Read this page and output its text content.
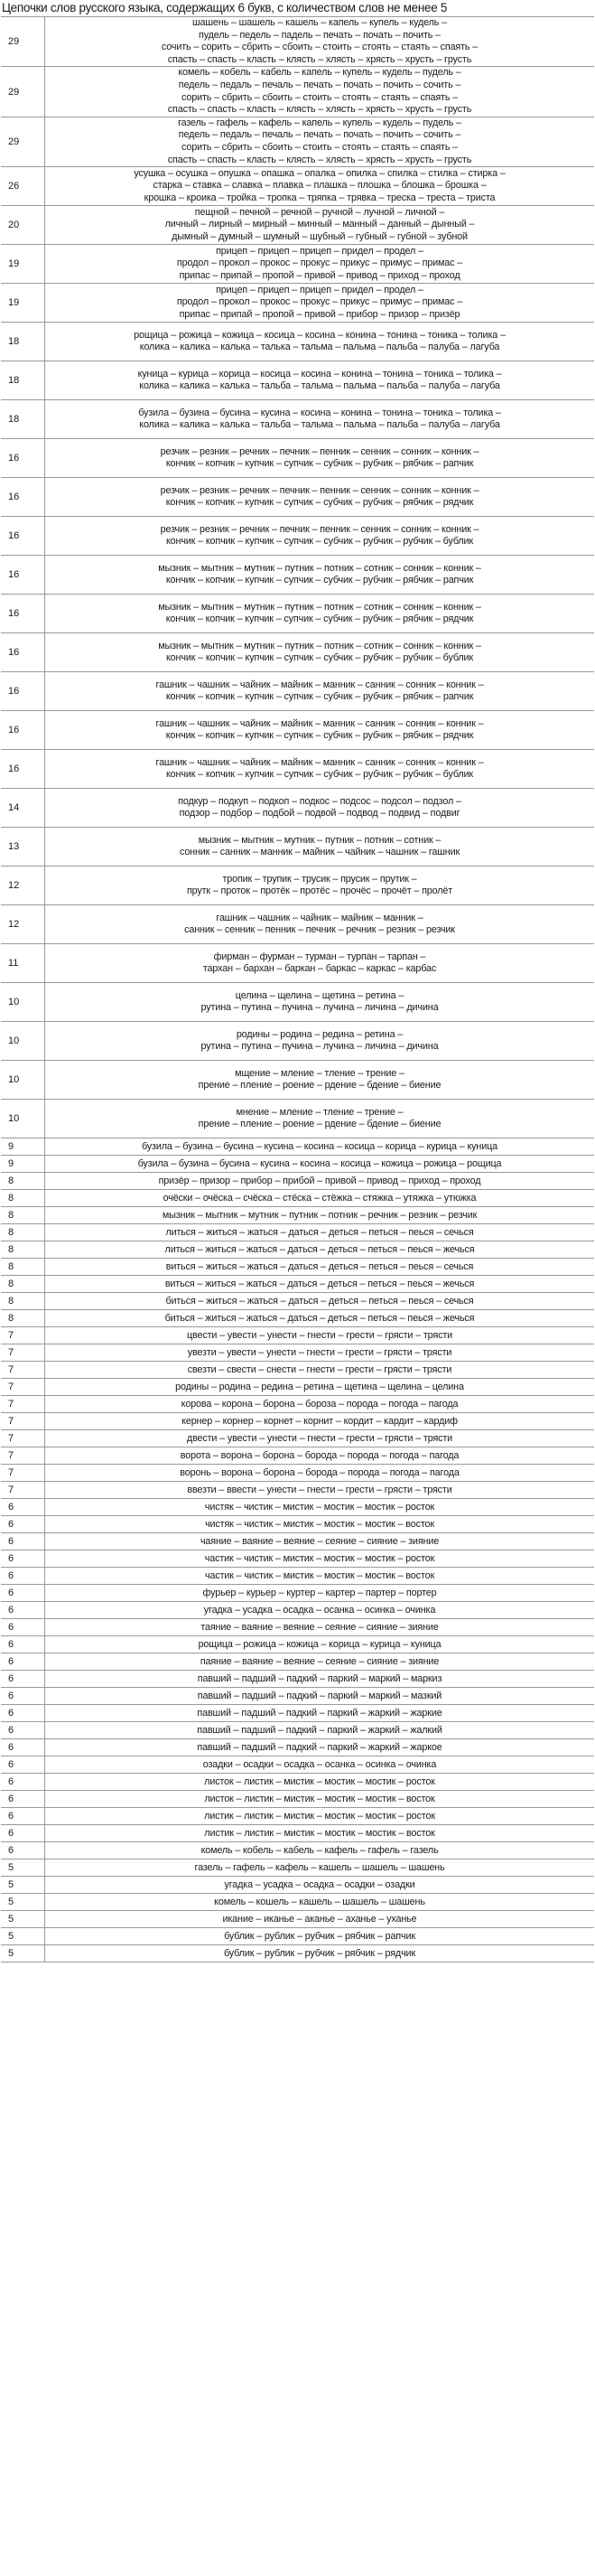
Цепочки слов русского языка, содержащих 6 букв, с количеством слов не менее 5
29	шашень – шашель – кашель – капель – купель – кудель –
пудель – педель – падель – печать – почать – почить –
сочить – сорить – сбрить – сбоить – стоить – стоять – стаять – спаять –
спасть – спасть – класть – клясть – хлясть – хрясть – хрусть – грусть

29	комель – кобель – кабель – капель – купель – кудель – пудель –
педель – педаль – печаль – печать – почать – почить – сочить –
сорить – сбрить – сбоить – стоить – стоять – стаять – спаять –
спасть – спасть – класть – клясть – хлясть – хрясть – хрусть – грусть

29	газель – гафель – кафель – капель – купель – кудель – пудель –
педель – педаль – печаль – печать – почать – почить – сочить –
сорить – сбрить – сбоить – стоить – стоять – стаять – спаять –
спасть – спасть – класть – клясть – хлясть – хрясть – хрусть – грусть

26	усушка – осушка – опушка – опашка – опалка – опилка – спилка – стилка – стирка –
старка – ставка – славка – плавка – плашка – плошка – блошка – брошка –
крошка – кроика – тройка – тропка – тряпка – трявка – треска – треста – триста

20	пещной – печной – речной – ручной – лучной – личной –
личный – лирный – мирный – минный – манный – данный – дынный –
дымный – думный – шумный – шубный – губный – губной – зубной

19	прицеп – прицеп – прицеп – придел – продел –
продол – прокол – прокос – прокус – прикус – примус – примас –
припас – припай – пропой – привой – привод – приход – проход

19	прицеп – прицеп – прицеп – придел – продел –
продол – прокол – прокос – прокус – прикус – примус – примас –
припас – припай – пропой – привой – прибор – призор – призёр

18	рощица – рожица – кожица – косица – косина – конина – тонина – тоника – толика –
колика – калика – калька – талька – тальма – пальма – пальба – палуба – лагуба

18	куница – курица – корица – косица – косина – конина – тонина – тоника – толика –
колика – калика – калька – тальба – тальма – пальма – пальба – палуба – лагуба

18	бузила – бузина – бусина – кусина – косина – конина – тонина – тоника – толика –
колика – калика – калька – тальба – тальма – пальма – пальба – палуба – лагуба

16	резчик – резник – речник – печник – пенник – сенник – сонник – конник –
кончик – копчик – купчик – супчик – субчик – рубчик – рябчик – рапчик

16	резчик – резник – речник – печник – пенник – сенник – сонник – конник –
кончик – копчик – купчик – супчик – субчик – рубчик – рябчик – рядчик

16	резчик – резник – речник – печник – пенник – сенник – сонник – конник –
кончик – копчик – купчик – супчик – субчик – рубчик – рубчик – бублик

16	мызник – мытник – мутник – путник – потник – сотник – сонник – конник –
кончик – копчик – купчик – супчик – субчик – рубчик – рябчик – рапчик

16	мызник – мытник – мутник – путник – потник – сотник – сонник – конник –
кончик – копчик – купчик – супчик – субчик – рубчик – рябчик – рядчик

16	мызник – мытник – мутник – путник – потник – сотник – сонник – конник –
кончик – копчик – купчик – супчик – субчик – рубчик – рубчик – бублик

16	гашник – чашник – чайник – майник – манник – санник – сонник – конник –
кончик – копчик – купчик – супчик – субчик – рубчик – рябчик – рапчик

16	гашник – чашник – чайник – майник – манник – санник – сонник – конник –
кончик – копчик – купчик – супчик – субчик – рубчик – рябчик – рядчик

16	гашник – чашник – чайник – майник – манник – санник – сонник – конник –
кончик – копчик – купчик – супчик – субчик – рубчик – рубчик – бублик

14	подкур – подкуп – подкоп – подкос – подсос – подсол – подзол –
подзор – подбор – подбой – подвой – подвод – подвид – подвиг

13	мызник – мытник – мутник – путник – потник – сотник –
сонник – санник – манник – майник – чайник – чашник – гашник

12	тропик – трупик – трусик – прусик – прутик –
прутк – проток – протёк – протёс – прочёс – прочёт – пролёт

12	гашник – чашник – чайник – майник – манник –
санник – сенник – пенник – печник – речник – резник – резчик

11	фирман – фурман – турман – турпан – тарпан –
тархан – бархан – баркан – баркас – каркас – карбас

10	целина – щелина – щетина – ретина –
рутина – путина – пучина – лучина – личина – дичина

10	родины – родина – редина – ретина –
рутина – путина – пучина – лучина – личина – дичина

10	мщение – мление – тление – трение –
прение – пление – роение – рдение – бдение – биение

10	мнение – мление – тление – трение –
прение – пление – роение – рдение – бдение – биение

9	бузила – бузина – бусина – кусина – косина – косица – корица – курица – куница
9	бузила – бузина – бусина – кусина – косина – косица – кожица – рожица – рощица
8	призёр – призор – прибор – прибой – привой – привод – приход – проход
8	очёски – очёска – счёска – стёска – стёжка – стяжка – утяжка – утюжка
8	мызник – мытник – мутник – путник – потник – речник – резник – резчик
8	литься – житься – жаться – даться – деться – петься – пеься – сечься
8	литься – житься – жаться – даться – деться – петься – пеься – жечься
8	виться – житься – жаться – даться – деться – петься – пеься – сечься
8	виться – житься – жаться – даться – деться – петься – пеься – жечься
8	биться – житься – жаться – даться – деться – петься – пеься – сечься
8	биться – житься – жаться – даться – деться – петься – пеься – жечься
7	цвести – увести – унести – гнести – грести – грясти – трясти
7	увезти – увести – унести – гнести – грести – грясти – трясти
7	свезти – свести – снести – гнести – грести – грясти – трясти
7	родины – родина – редина – ретина – щетина – щелина – целина
7	корова – корона – борона – бороза – порода – погода – пагода
7	кернер – корнер – корнет – корнит – кордит – кардит – кардиф
7	двести – увести – унести – гнести – грести – грясти – трясти
7	ворота – ворона – борона – борода – порода – погода – пагода
7	воронь – ворона – борона – борода – порода – погода – пагода
7	ввезти – ввести – унести – гнести – грести – грясти – трясти
6	чистяк – чистик – мистик – мостик – мостик – росток
6	чистяк – чистик – мистик – мостик – мостик – восток
6	чаяние – ваяние – веяние – сеяние – сияние – зияние
6	частик – чистик – мистик – мостик – мостик – росток
6	частик – чистик – мистик – мостик – мостик – восток
6	фурьер – курьер – куртер – картер – партер – портер
6	угадка – усадка – осадка – осанка – осинка – очинка
6	таяние – ваяние – веяние – сеяние – сияние – зияние
6	рощица – рожица – кожица – корица – курица – куница
6	паяние – ваяние – веяние – сеяние – сияние – зияние
6	павший – падший – падкий – паркий – маркий – маркиз
6	павший – падший – падкий – паркий – маркий – мазкий
6	павший – падший – падкий – паркий – жаркий – жаркие
6	павший – падший – падкий – паркий – жаркий – жалкий
6	павший – падший – падкий – паркий – жаркий – жаркое
6	озадки – осадки – осадка – осанка – осинка – очинка
6	листок – листик – мистик – мостик – мостик – росток
6	листок – листик – мистик – мостик – мостик – восток
6	листик – листик – мистик – мостик – мостик – росток
6	листик – листик – мистик – мостик – мостик – восток
6	комель – кобель – кабель – кафель – гафель – газель
5	газель – гафель – кафель – кашель – шашель – шашень
5	угадка – усадка – осадка – осадки – озадки
5	комель – кошель – кашель – шашель – шашень
5	икание – иканье – аканье – аханье – уханье
5	бублик – рублик – рубчик – рябчик – рапчик
5	бублик – рублик – рубчик – рябчик – рядчик
